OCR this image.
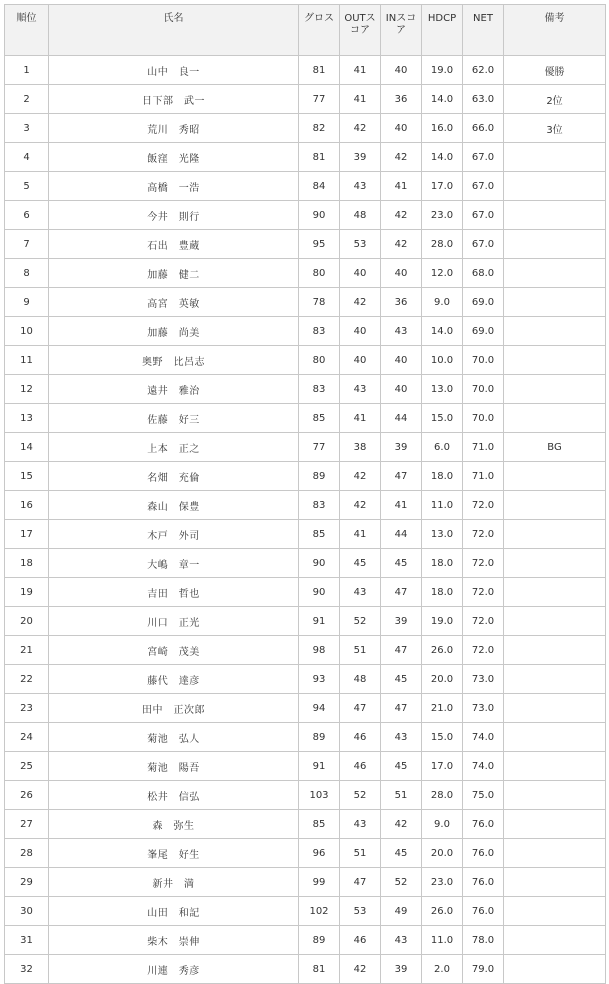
順位	氏名	グロス	OUTスコア	INスコア	HDCP	NET	備考
1	山中　良一	81	41	40	19.0	62.0	優勝
2	日下部　武一	77	41	36	14.0	63.0	2位
3	荒川　秀昭	82	42	40	16.0	66.0	3位
4	飯窪　光隆	81	39	42	14.0	67.0	
5	高橋　一浩	84	43	41	17.0	67.0	
6	今井　則行	90	48	42	23.0	67.0	
7	石出　豊蔵	95	53	42	28.0	67.0	
8	加藤　健二	80	40	40	12.0	68.0	
9	高宮　英敏	78	42	36	9.0	69.0	
10	加藤　尚美	83	40	43	14.0	69.0	
11	奥野　比呂志	80	40	40	10.0	70.0	
12	遠井　雅治	83	43	40	13.0	70.0	
13	佐藤　好三	85	41	44	15.0	70.0	
14	上本　正之	77	38	39	6.0	71.0	BG
15	名畑　充倫	89	42	47	18.0	71.0	
16	森山　保豊	83	42	41	11.0	72.0	
17	木戸　外司	85	41	44	13.0	72.0	
18	大嶋　章一	90	45	45	18.0	72.0	
19	吉田　哲也	90	43	47	18.0	72.0	
20	川口　正光	91	52	39	19.0	72.0	
21	宮崎　茂美	98	51	47	26.0	72.0	
22	藤代　達彦	93	48	45	20.0	73.0	
23	田中　正次郎	94	47	47	21.0	73.0	
24	菊池　弘人	89	46	43	15.0	74.0	
25	菊池　陽吾	91	46	45	17.0	74.0	
26	松井　信弘	103	52	51	28.0	75.0	
27	森　弥生	85	43	42	9.0	76.0	
28	峯尾　好生	96	51	45	20.0	76.0	
29	新井　満	99	47	52	23.0	76.0	
30	山田　和記	102	53	49	26.0	76.0	
31	柴木　崇伸	89	46	43	11.0	78.0	
32	川連　秀彦	81	42	39	2.0	79.0	
